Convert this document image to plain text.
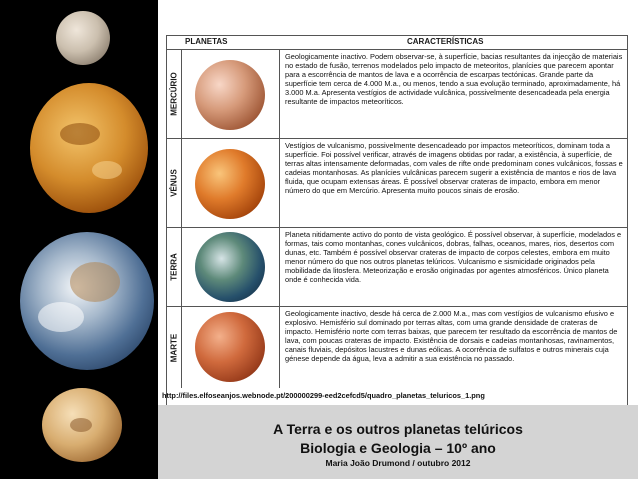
PLANETAS	CARACTERÍSTICAS
MERCÚRIO
Geologicamente inactivo. Podem observar-se, à superfície, bacias resultantes da injecção de materiais no estado de fusão, terrenos modelados pelo impacto de meteoritos, planícies que parecem apontar para a escorrência de mantos de lava e a ocorrência de escarpas tectónicas. Grande parte da superfície tem cerca de 4.000 M.a., ou menos, tendo a sua evolução terminado, aproximadamente, há 3.000 M.a. Apresenta vestígios de actividade vulcânica, possivelmente desencadeada pela energia resultante de impactos meteoríticos.
VÉNUS
Vestígios de vulcanismo, possivelmente desencadeado por impactos meteoríticos, dominam toda a superfície. Foi possível verificar, através de imagens obtidas por radar, a existência, à superfície, de terras altas intensamente deformadas, com vales de rifte onde predominam cones vulcânicos, fossas e cadeias montanhosas. As planícies vulcânicas parecem sugerir a existência de mantos e rios de lava fluida, que ocupam extensas áreas. É possível observar crateras de impacto, embora em menor número do que em Mercúrio. Apresenta muito poucos sinais de erosão.
TERRA
Planeta nitidamente activo do ponto de vista geológico. É possível observar, à superfície, modelados e formas, tais como montanhas, cones vulcânicos, dobras, falhas, oceanos, mares, rios, desertos com dunas, etc. Também é possível observar crateras de impacto de corpos celestes, embora em muito menor número do que nos outros planetas telúricos. Vulcanismo e sismicidade originados pela mobilidade da litosfera. Meteorização e erosão originadas por agentes atmosféricos. Único planeta onde é conhecida vida.
MARTE
Geologicamente inactivo, desde há cerca de 2.000 M.a., mas com vestígios de vulcanismo efusivo e explosivo. Hemisfério sul dominado por terras altas, com uma grande densidade de crateras de impacto. Hemisfério norte com terras baixas, que parecem ter resultado da escorrência de mantos de lava, com poucas crateras de impacto. Existência de dorsais e cadeias montanhosas, ravinamentos, canais fluviais, depósitos lacustres e dunas eólicas. A ocorrência de sulfatos e outros minerais cuja génese depende da água, leva a admitir a sua existência no passado.
http://files.elfoseanjos.webnode.pt/200000299-eed2cefcd5/quadro_planetas_teluricos_1.png
A Terra e os outros planetas telúricos
Biologia e Geologia – 10º ano
Maria João Drumond / outubro 2012
